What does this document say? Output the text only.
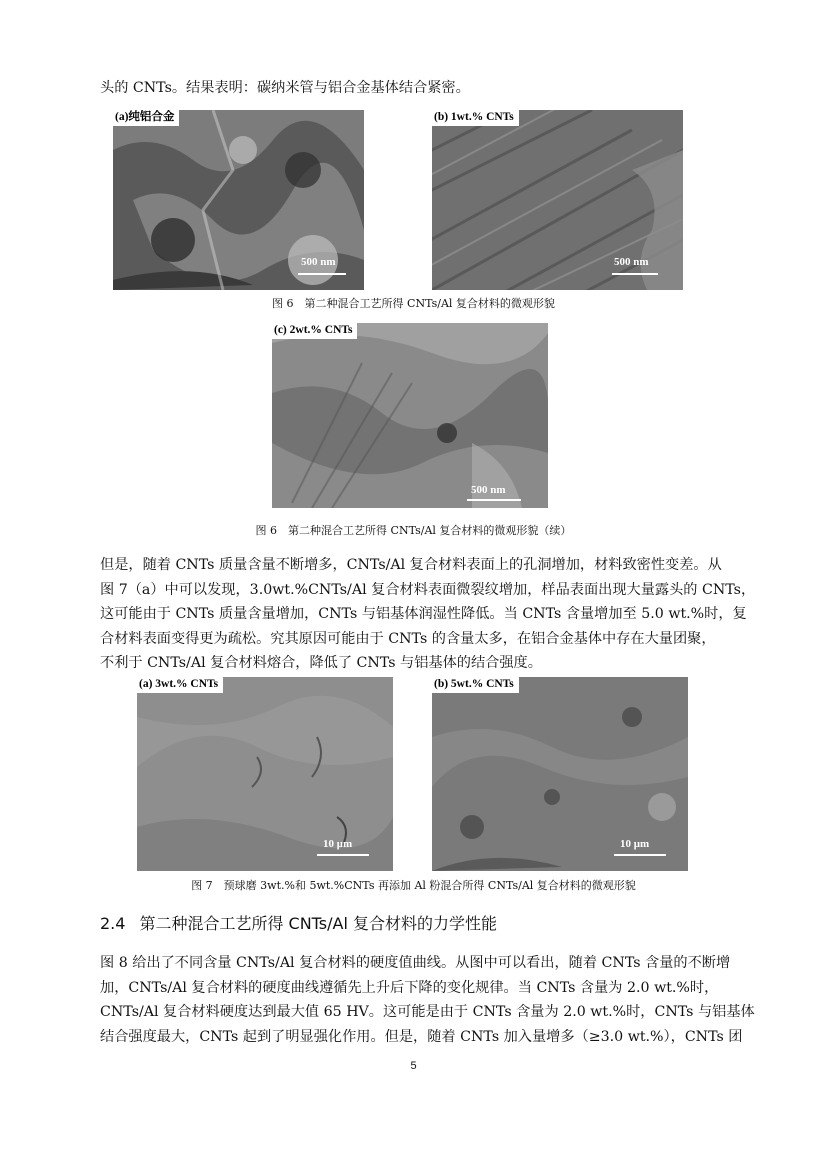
头的 CNTs。结果表明：碳纳米管与铝合金基体结合紧密。

(a)纯铝合金
500 nm
(b) 1wt.% CNTs
500 nm
图 6　第二种混合工艺所得 CNTs/Al 复合材料的微观形貌
(c) 2wt.% CNTs
500 nm
图 6　第二种混合工艺所得 CNTs/Al 复合材料的微观形貌（续）

但是，随着 CNTs 质量含量不断增多，CNTs/Al 复合材料表面上的孔洞增加，材料致密性变差。从
图 7（a）中可以发现，3.0wt.%CNTs/Al 复合材料表面微裂纹增加，样品表面出现大量露头的 CNTs，
这可能由于 CNTs 质量含量增加，CNTs 与铝基体润湿性降低。当 CNTs 含量增加至 5.0 wt.%时，复
合材料表面变得更为疏松。究其原因可能由于 CNTs 的含量太多，在铝合金基体中存在大量团聚，
不利于 CNTs/Al 复合材料熔合，降低了 CNTs 与铝基体的结合强度。

(a) 3wt.% CNTs
10 μm
(b) 5wt.% CNTs
10 μm
图 7　预球磨 3wt.%和 5wt.%CNTs 再添加 Al 粉混合所得 CNTs/Al 复合材料的微观形貌
2.4 第二种混合工艺所得 CNTs/Al 复合材料的力学性能

图 8 给出了不同含量 CNTs/Al 复合材料的硬度值曲线。从图中可以看出，随着 CNTs 含量的不断增
加，CNTs/Al 复合材料的硬度曲线遵循先上升后下降的变化规律。当 CNTs 含量为 2.0 wt.%时，
CNTs/Al 复合材料硬度达到最大值 65 HV。这可能是由于 CNTs 含量为 2.0 wt.%时，CNTs 与铝基体
结合强度最大，CNTs 起到了明显强化作用。但是，随着 CNTs 加入量增多（≥3.0 wt.%），CNTs 团

5
